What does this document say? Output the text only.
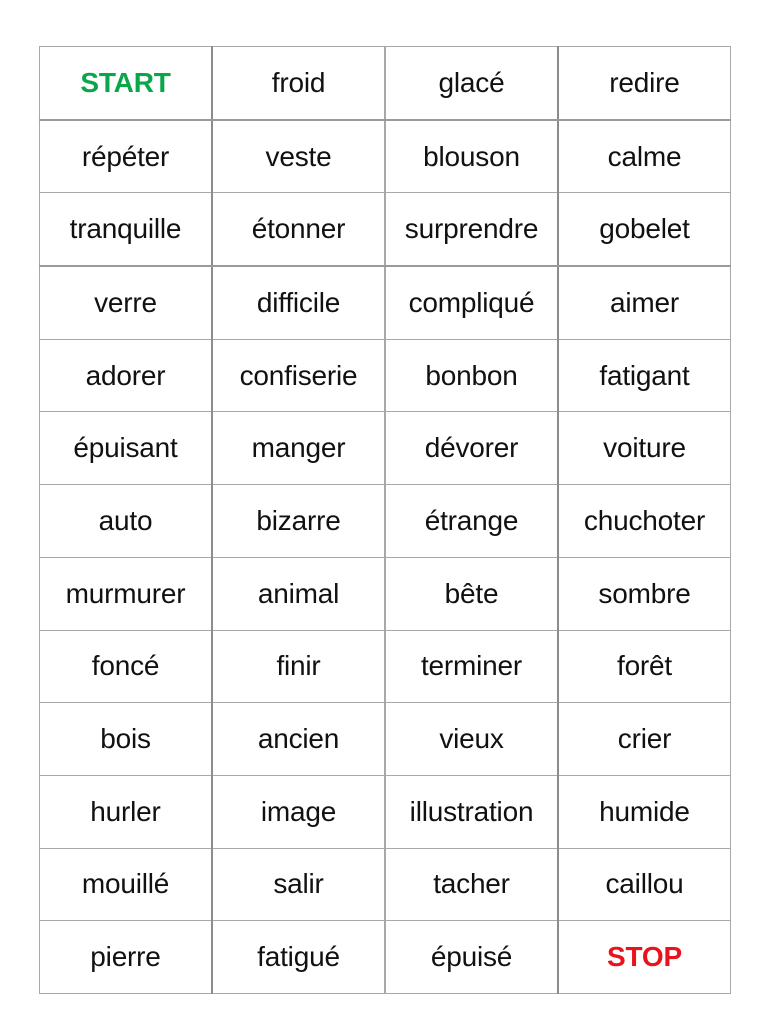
START	froid	glacé	redire
répéter	veste	blouson	calme
tranquille	étonner	surprendre	gobelet
verre	difficile	compliqué	aimer
adorer	confiserie	bonbon	fatigant
épuisant	manger	dévorer	voiture
auto	bizarre	étrange	chuchoter
murmurer	animal	bête	sombre
foncé	finir	terminer	forêt
bois	ancien	vieux	crier
hurler	image	illustration	humide
mouillé	salir	tacher	caillou
pierre	fatigué	épuisé	STOP
